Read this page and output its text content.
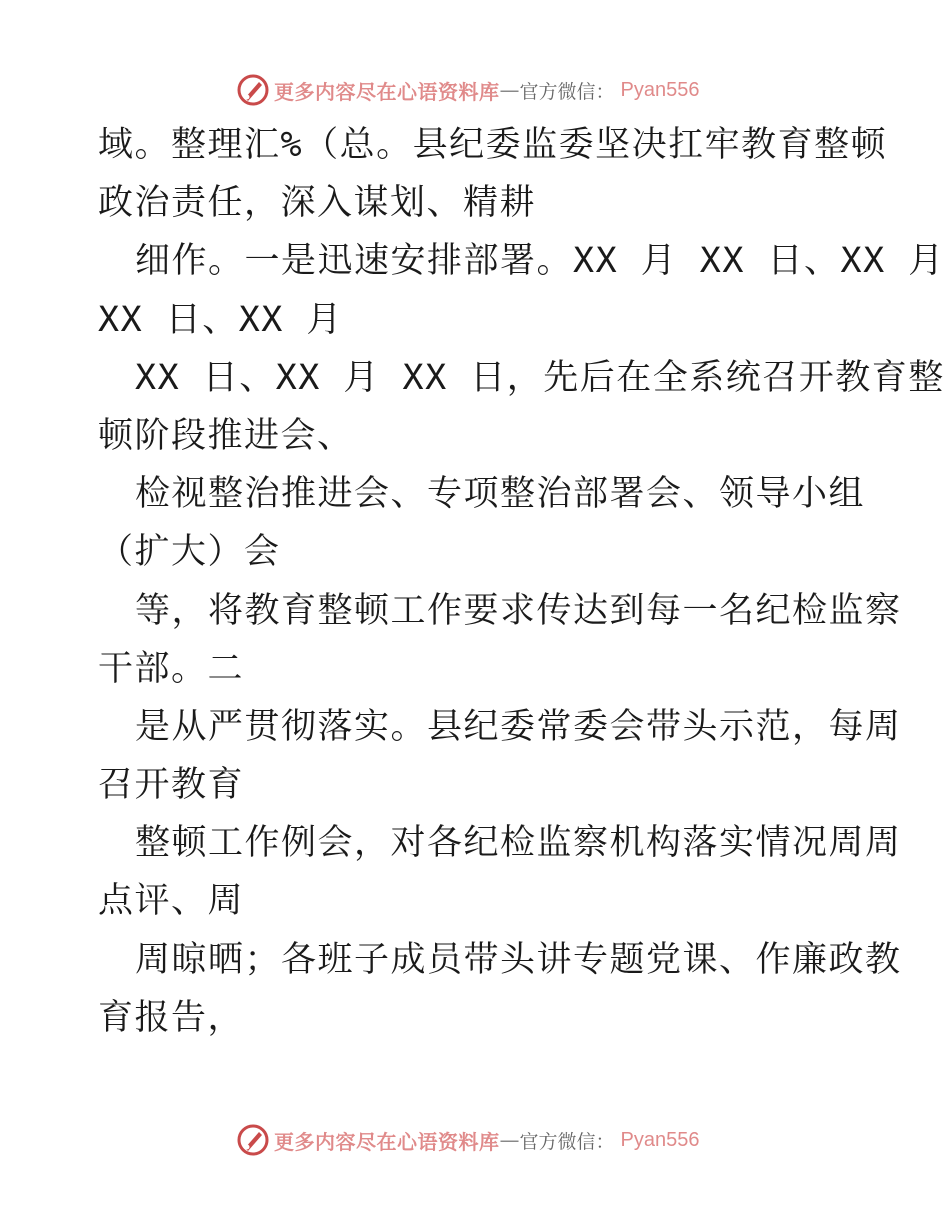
更多内容尽在心语资料库 — 官方微信： Pyan556
域。整理汇%（总。县纪委监委坚决扛牢教育整顿
政治责任，深入谋划、精耕
细作。一是迅速安排部署。XX 月 XX 日、XX 月
XX 日、XX 月
XX 日、XX 月 XX 日，先后在全系统召开教育整
顿阶段推进会、
检视整治推进会、专项整治部署会、领导小组
（扩大）会
等，将教育整顿工作要求传达到每一名纪检监察
干部。二
是从严贯彻落实。县纪委常委会带头示范，每周
召开教育
整顿工作例会，对各纪检监察机构落实情况周周
点评、周
周晾晒；各班子成员带头讲专题党课、作廉政教
育报告，
更多内容尽在心语资料库 — 官方微信： Pyan556
